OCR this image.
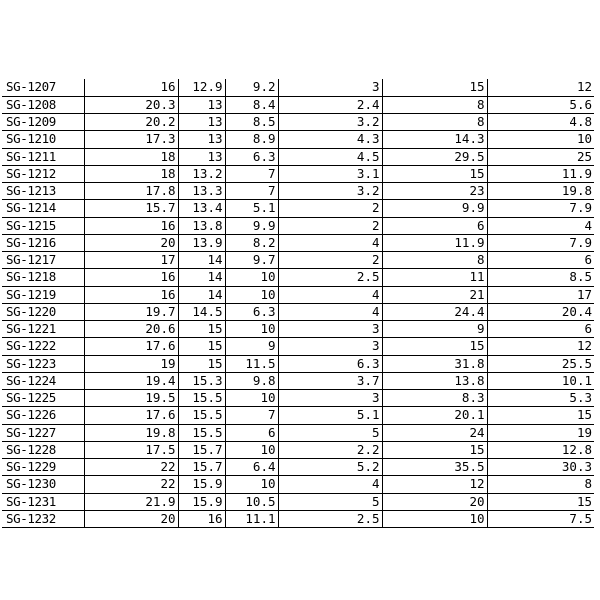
SG-1207	16	12.9	9.2	3	15	12
SG-1208	20.3	13	8.4	2.4	8	5.6
SG-1209	20.2	13	8.5	3.2	8	4.8
SG-1210	17.3	13	8.9	4.3	14.3	10
SG-1211	18	13	6.3	4.5	29.5	25
SG-1212	18	13.2	7	3.1	15	11.9
SG-1213	17.8	13.3	7	3.2	23	19.8
SG-1214	15.7	13.4	5.1	2	9.9	7.9
SG-1215	16	13.8	9.9	2	6	4
SG-1216	20	13.9	8.2	4	11.9	7.9
SG-1217	17	14	9.7	2	8	6
SG-1218	16	14	10	2.5	11	8.5
SG-1219	16	14	10	4	21	17
SG-1220	19.7	14.5	6.3	4	24.4	20.4
SG-1221	20.6	15	10	3	9	6
SG-1222	17.6	15	9	3	15	12
SG-1223	19	15	11.5	6.3	31.8	25.5
SG-1224	19.4	15.3	9.8	3.7	13.8	10.1
SG-1225	19.5	15.5	10	3	8.3	5.3
SG-1226	17.6	15.5	7	5.1	20.1	15
SG-1227	19.8	15.5	6	5	24	19
SG-1228	17.5	15.7	10	2.2	15	12.8
SG-1229	22	15.7	6.4	5.2	35.5	30.3
SG-1230	22	15.9	10	4	12	8
SG-1231	21.9	15.9	10.5	5	20	15
SG-1232	20	16	11.1	2.5	10	7.5
